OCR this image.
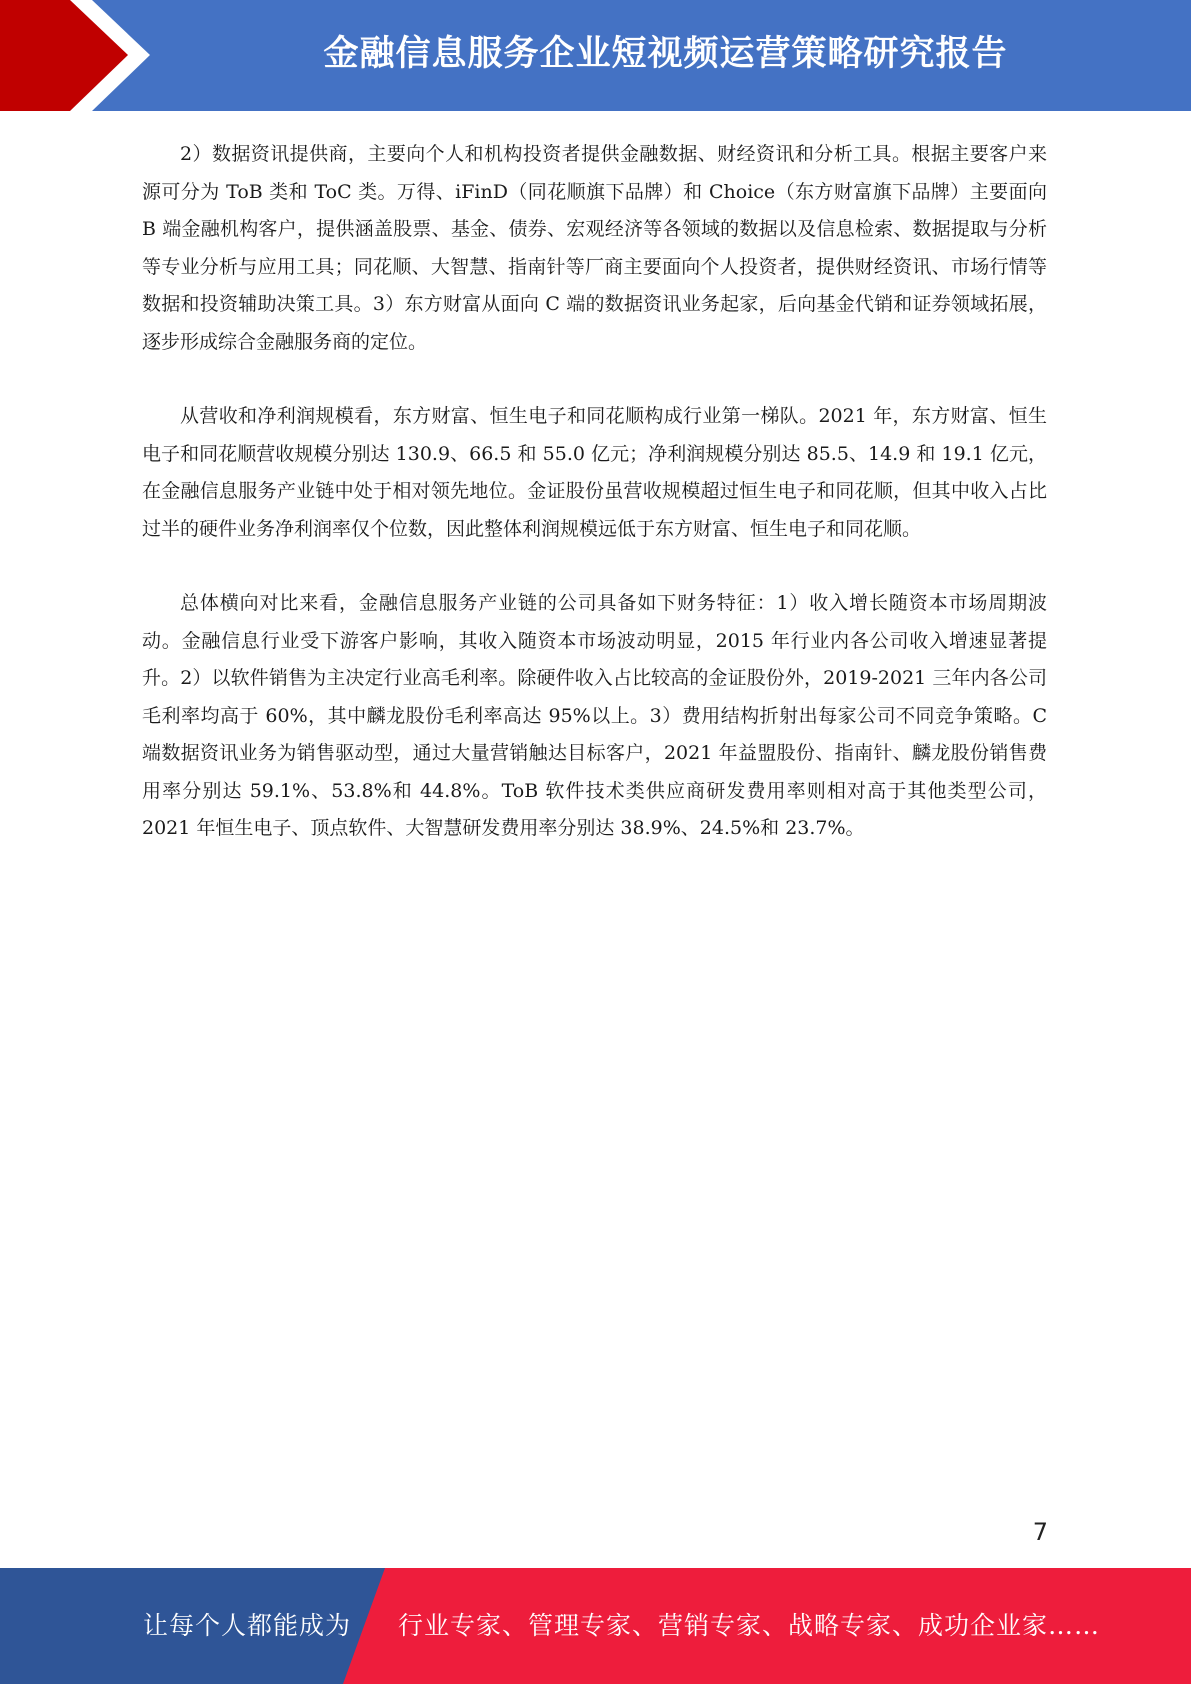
金融信息服务企业短视频运营策略研究报告

2）数据资讯提供商，主要向个人和机构投资者提供金融数据、财经资讯和分析工具。根据主要客户来源可分为 ToB 类和 ToC 类。万得、iFinD（同花顺旗下品牌）和 Choice（东方财富旗下品牌）主要面向 B 端金融机构客户，提供涵盖股票、基金、债券、宏观经济等各领域的数据以及信息检索、数据提取与分析等专业分析与应用工具；同花顺、大智慧、指南针等厂商主要面向个人投资者，提供财经资讯、市场行情等数据和投资辅助决策工具。3）东方财富从面向 C 端的数据资讯业务起家，后向基金代销和证券领域拓展，逐步形成综合金融服务商的定位。

从营收和净利润规模看，东方财富、恒生电子和同花顺构成行业第一梯队。2021 年，东方财富、恒生电子和同花顺营收规模分别达 130.9、66.5 和 55.0 亿元；净利润规模分别达 85.5、14.9 和 19.1 亿元，在金融信息服务产业链中处于相对领先地位。金证股份虽营收规模超过恒生电子和同花顺，但其中收入占比过半的硬件业务净利润率仅个位数，因此整体利润规模远低于东方财富、恒生电子和同花顺。

总体横向对比来看，金融信息服务产业链的公司具备如下财务特征：1）收入增长随资本市场周期波动。金融信息行业受下游客户影响，其收入随资本市场波动明显，2015 年行业内各公司收入增速显著提升。2）以软件销售为主决定行业高毛利率。除硬件收入占比较高的金证股份外，2019-2021 三年内各公司毛利率均高于 60%，其中麟龙股份毛利率高达 95%以上。3）费用结构折射出每家公司不同竞争策略。C 端数据资讯业务为销售驱动型，通过大量营销触达目标客户，2021 年益盟股份、指南针、麟龙股份销售费用率分别达 59.1%、53.8%和 44.8%。ToB 软件技术类供应商研发费用率则相对高于其他类型公司，2021 年恒生电子、顶点软件、大智慧研发费用率分别达 38.9%、24.5%和 23.7%。

7
让每个人都能成为 行业专家、管理专家、营销专家、战略专家、成功企业家……
